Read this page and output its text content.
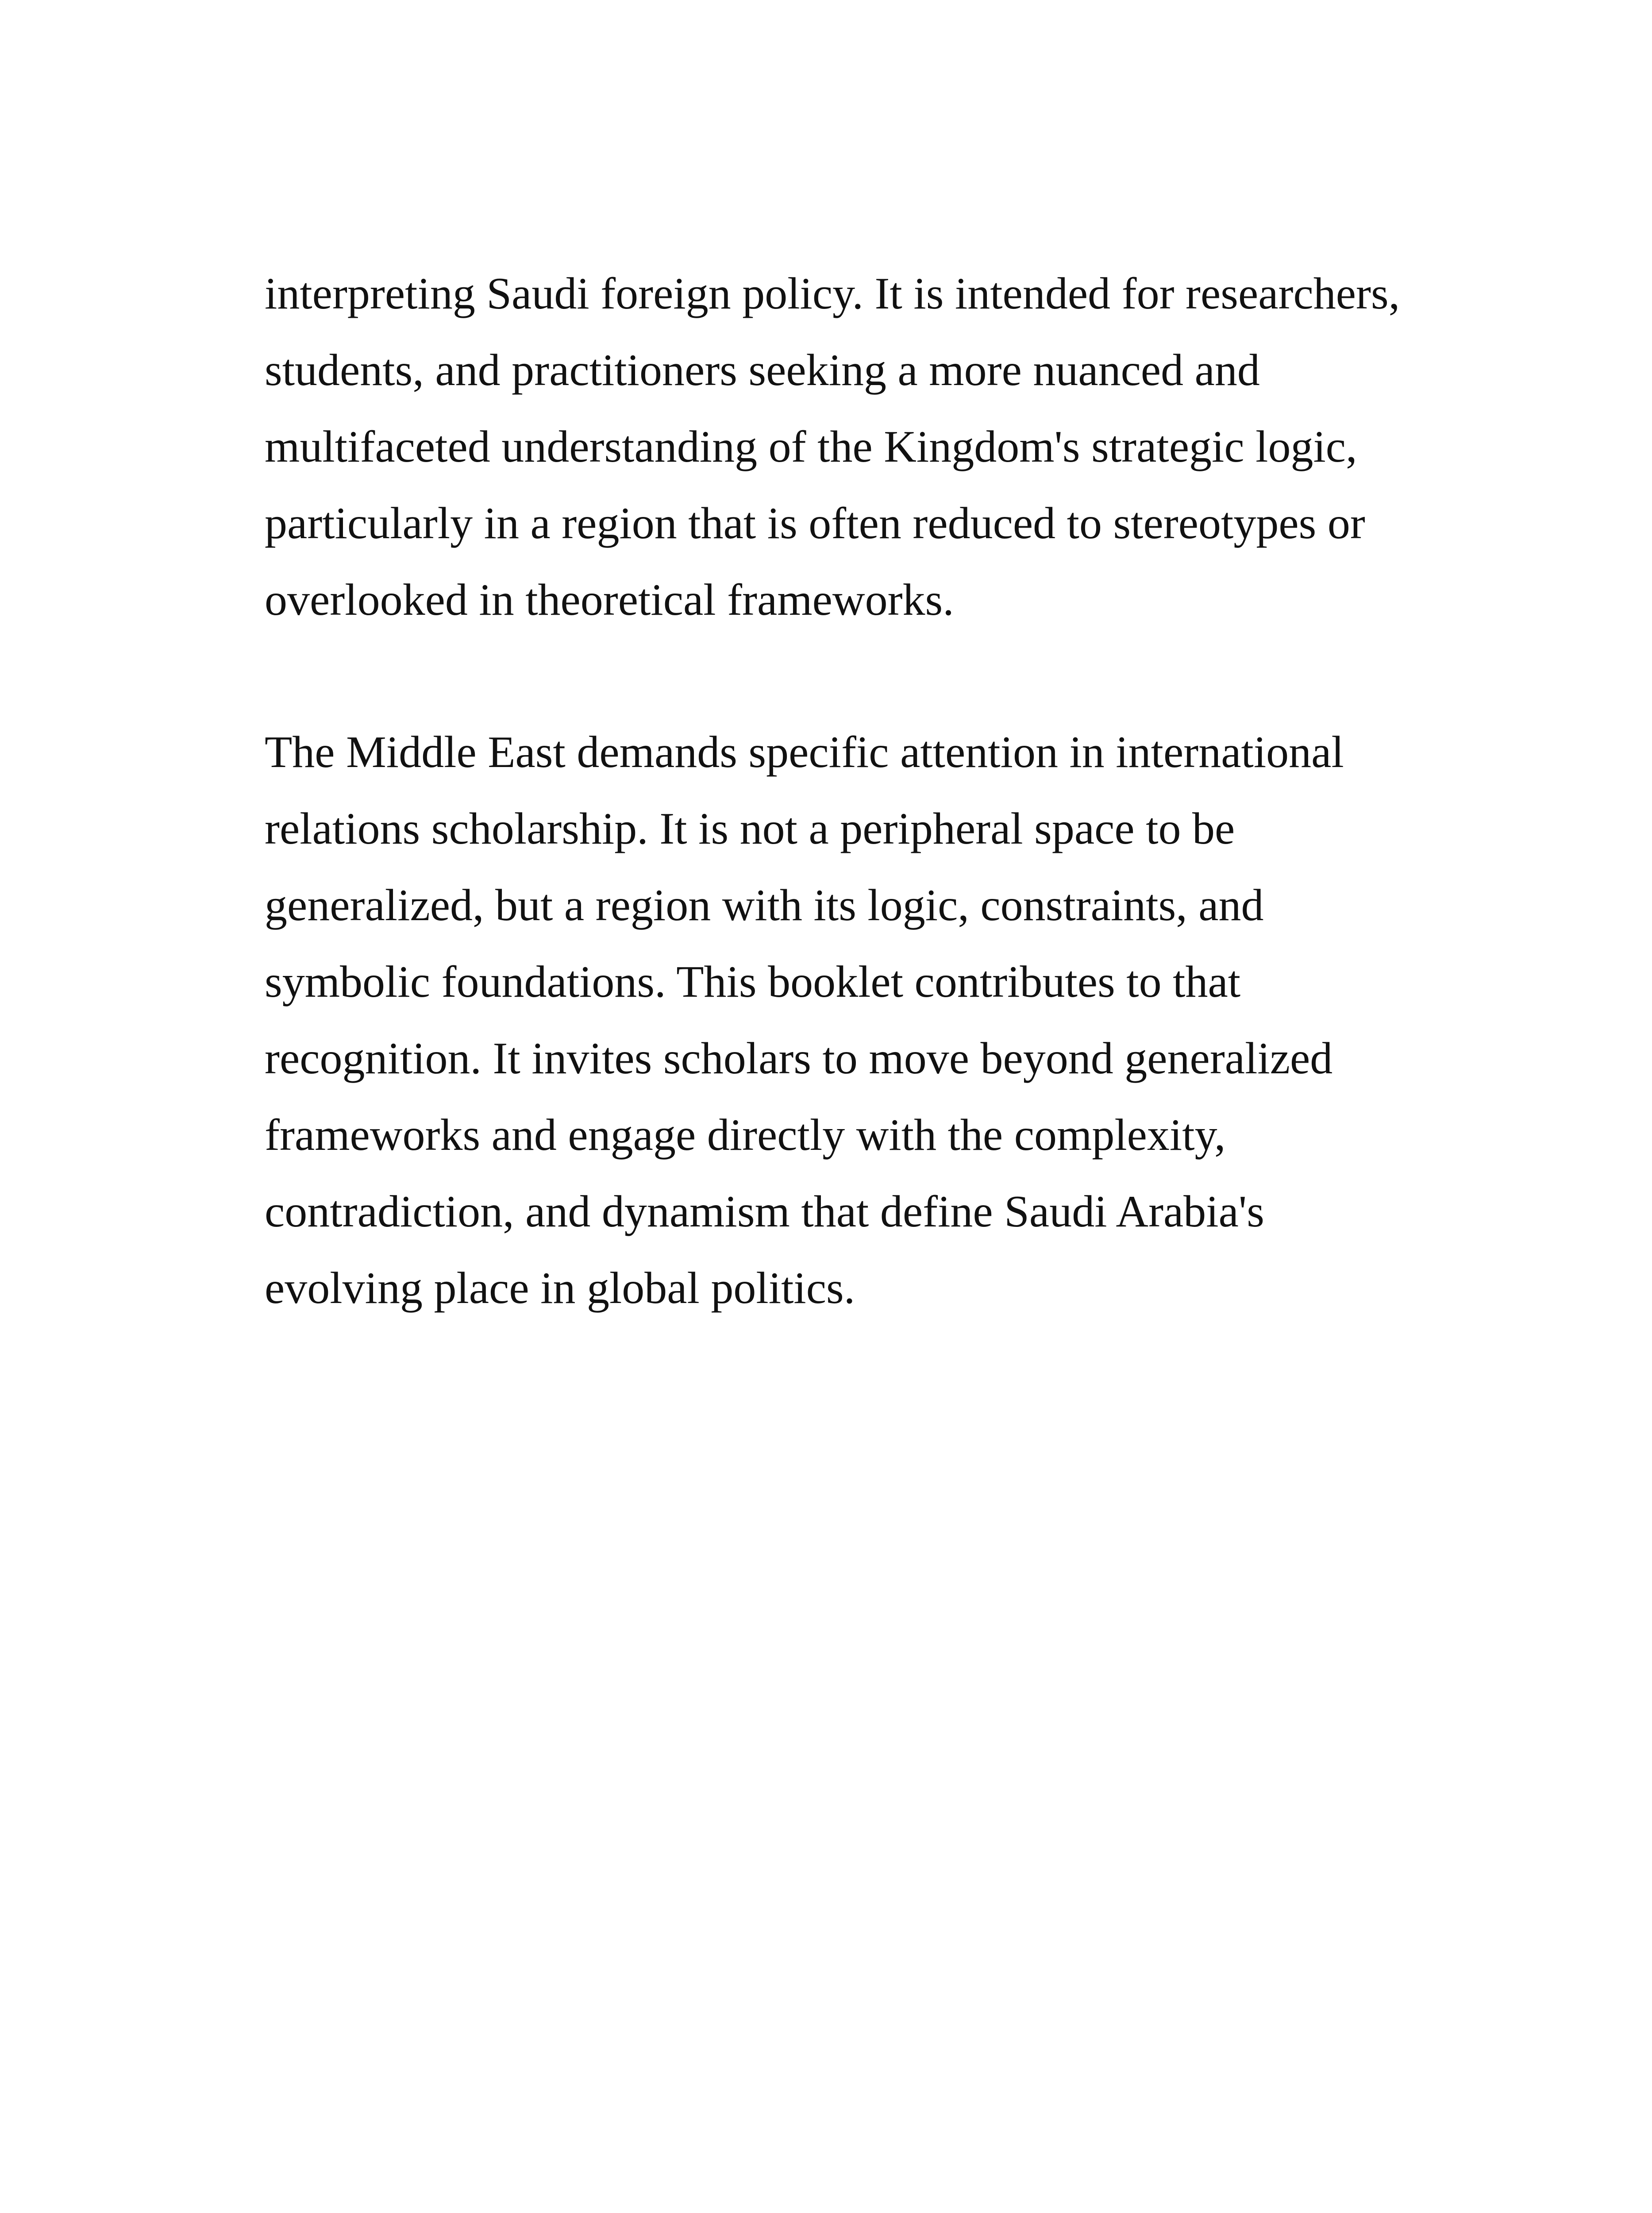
interpreting Saudi foreign policy. It is intended for researchers,
students, and practitioners seeking a more nuanced and
multifaceted understanding of the Kingdom's strategic logic,
particularly in a region that is often reduced to stereotypes or
overlooked in theoretical frameworks.
The Middle East demands specific attention in international
relations scholarship. It is not a peripheral space to be
generalized, but a region with its logic, constraints, and
symbolic foundations. This booklet contributes to that
recognition. It invites scholars to move beyond generalized
frameworks and engage directly with the complexity,
contradiction, and dynamism that define Saudi Arabia's
evolving place in global politics.
